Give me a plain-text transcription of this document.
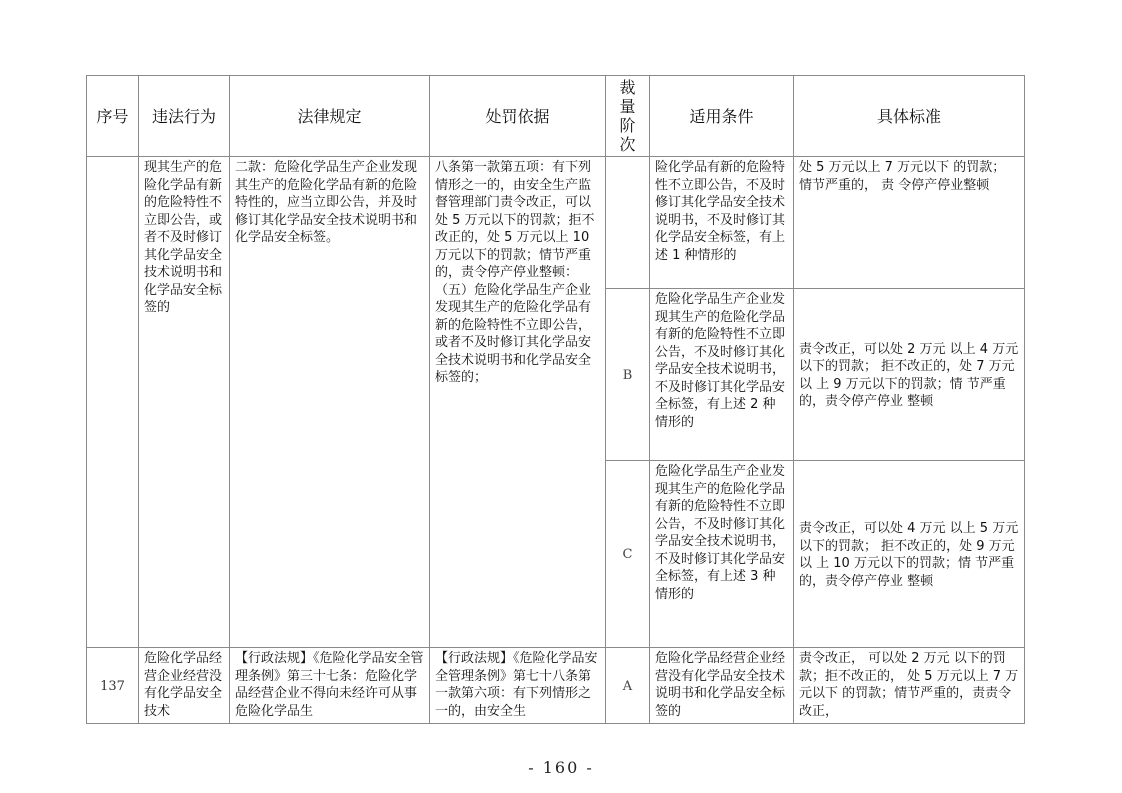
序号	违法行为	法律规定	处罚依据	裁量阶次	适用条件	具体标准
	现其生产的危险化学品有新的危险特性不立即公告，或者不及时修订其化学品安全技术说明书和化学品安全标签的	二款：危险化学品生产企业发现其生产的危险化学品有新的危险特性的，应当立即公告，并及时修订其化学品安全技术说明书和化学品安全标签。	八条第一款第五项：有下列情形之一的，由安全生产监督管理部门责令改正，可以处 5 万元以下的罚款；拒不改正的，处 5 万元以上 10 万元以下的罚款；情节严重的，责令停产停业整顿：（五）危险化学品生产企业发现其生产的危险化学品有新的危险特性不立即公告，或者不及时修订其化学品安全技术说明书和化学品安全标签的；		险化学品有新的危险特性不立即公告，不及时修订其化学品安全技术说明书，不及时修订其化学品安全标签，有上述 1 种情形的	处 5 万元以上 7 万元以下 的罚款； 情节严重的， 责 令停产停业整顿
				B	危险化学品生产企业发现其生产的危险化学品有新的危险特性不立即公告，不及时修订其化学品安全技术说明书，不及时修订其化学品安全标签，有上述 2 种情形的	责令改正，可以处 2 万元 以上 4 万元以下的罚款； 拒不改正的，处 7 万元以 上 9 万元以下的罚款；情 节严重的，责令停产停业 整顿
				C	危险化学品生产企业发现其生产的危险化学品有新的危险特性不立即公告，不及时修订其化学品安全技术说明书，不及时修订其化学品安全标签，有上述 3 种情形的	责令改正，可以处 4 万元 以上 5 万元以下的罚款； 拒不改正的，处 9 万元以 上 10 万元以下的罚款；情 节严重的，责令停产停业 整顿
137	危险化学品经营企业经营没有化学品安全技术	【行政法规】《危险化学品安全管理条例》第三十七条：危险化学品经营企业不得向未经许可从事危险化学品生	【行政法规】《危险化学品安全管理条例》第七十八条第一款第六项：有下列情形之一的，由安全生	A	危险化学品经营企业经营没有化学品安全技术说明书和化学品安全标签的	责令改正， 可以处 2 万元 以下的罚款；拒不改正的， 处 5 万元以上 7 万元以下 的罚款；情节严重的，责责令改正，
- 160 -
